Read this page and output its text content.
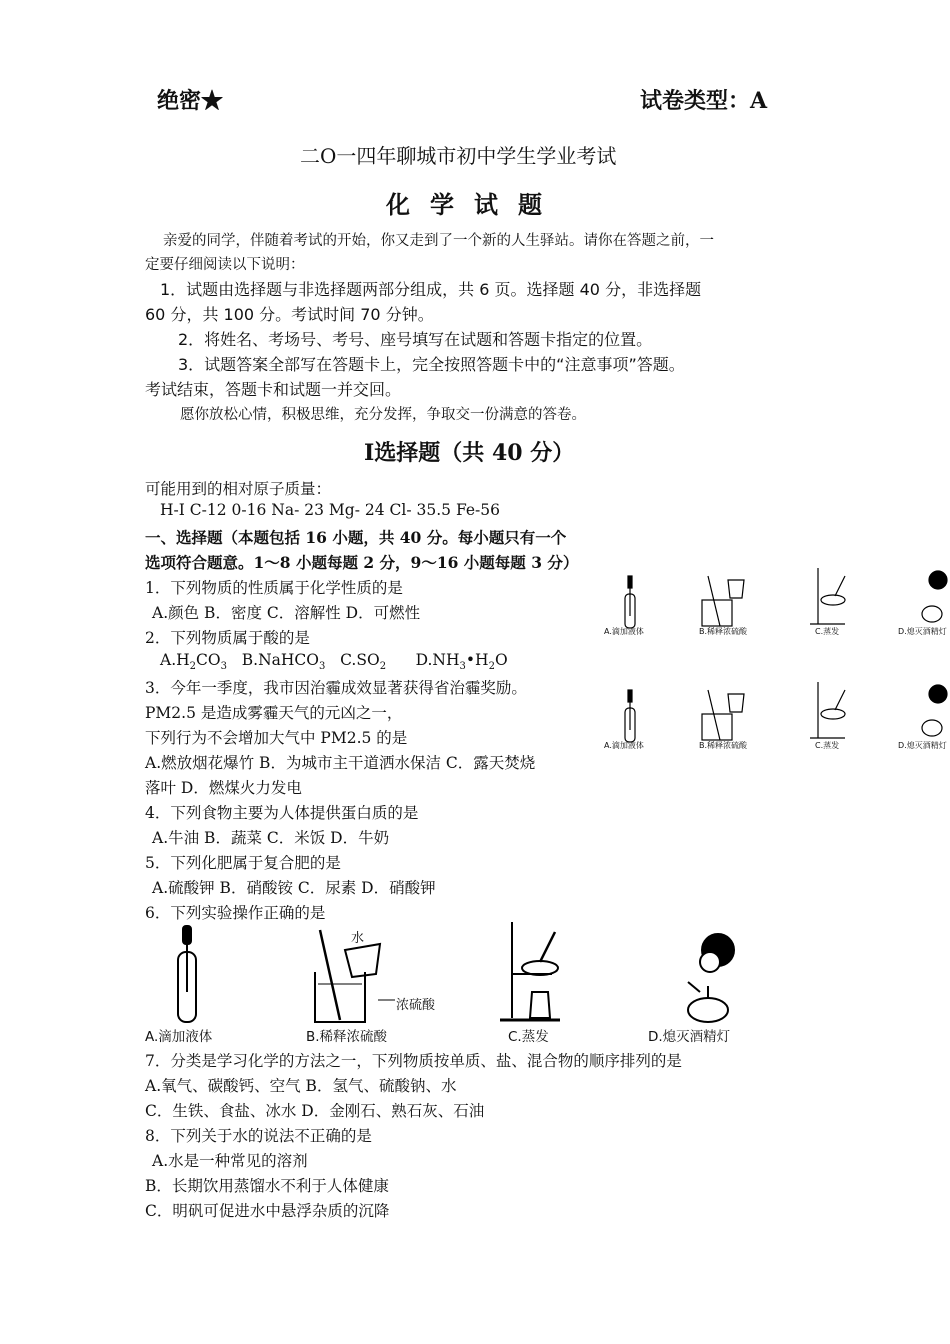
绝密★	试卷类型：A
二O一四年聊城市初中学生学业考试
化学试题
亲爱的同学，伴随着考试的开始，你又走到了一个新的人生驿站。请你在答题之前，一
定要仔细阅读以下说明：
1．试题由选择题与非选择题两部分组成，共 6 页。选择题 40 分，非选择题
60 分，共 100 分。考试时间 70 分钟。
2．将姓名、考场号、考号、座号填写在试题和答题卡指定的位置。
3．试题答案全部写在答题卡上，完全按照答题卡中的“注意事项”答题。
考试结束，答题卡和试题一并交回。
愿你放松心情，积极思维，充分发挥，争取交一份满意的答卷。
I选择题（共 40 分）
可能用到的相对原子质量：
H-I C-12 0-16 Na- 23 Mg- 24 Cl- 35.5 Fe-56
一、选择题（本题包括 16 小题，共 40 分。每小题只有一个
选项符合题意。1～8 小题每题 2 分，9～16 小题每题 3 分）
1．下列物质的性质属于化学性质的是
A.颜色 B．密度 C．溶解性 D．可燃性
2．下列物质属于酸的是
$A.H_2CO_3$ B.NaHCO$_3$ $C.SO_2$ $D.NH_3•H_2O$
3．今年一季度，我市因治霾成效显著获得省治霾奖励。
PM2.5 是造成雾霾天气的元凶之一，
下列行为不会增加大气中 PM2.5 的是
A.燃放烟花爆竹 B．为城市主干道洒水保洁 C．露天焚烧
落叶 D．燃煤火力发电
4．下列食物主要为人体提供蛋白质的是
A.牛油 B．蔬菜 C．米饭 D．牛奶
5．下列化肥属于复合肥的是
A.硫酸钾 B．硝酸铵 C．尿素 D．硝酸钾
6．下列实验操作正确的是
A.滴加液体	B.稀释浓硫酸	C.蒸发	D.熄灭酒精灯
A.滴加液体	B.稀释浓硫酸	C.蒸发	D.熄灭酒精灯
水
浓硫酸
A.滴加液体	B.稀释浓硫酸	C.蒸发	D.熄灭酒精灯
7．分类是学习化学的方法之一，下列物质按单质、盐、混合物的顺序排列的是
A.氧气、碳酸钙、空气 B．氢气、硫酸钠、水
C．生铁、食盐、冰水 D．金刚石、熟石灰、石油
8．下列关于水的说法不正确的是
A.水是一种常见的溶剂
B．长期饮用蒸馏水不利于人体健康
C．明矾可促进水中悬浮杂质的沉降
